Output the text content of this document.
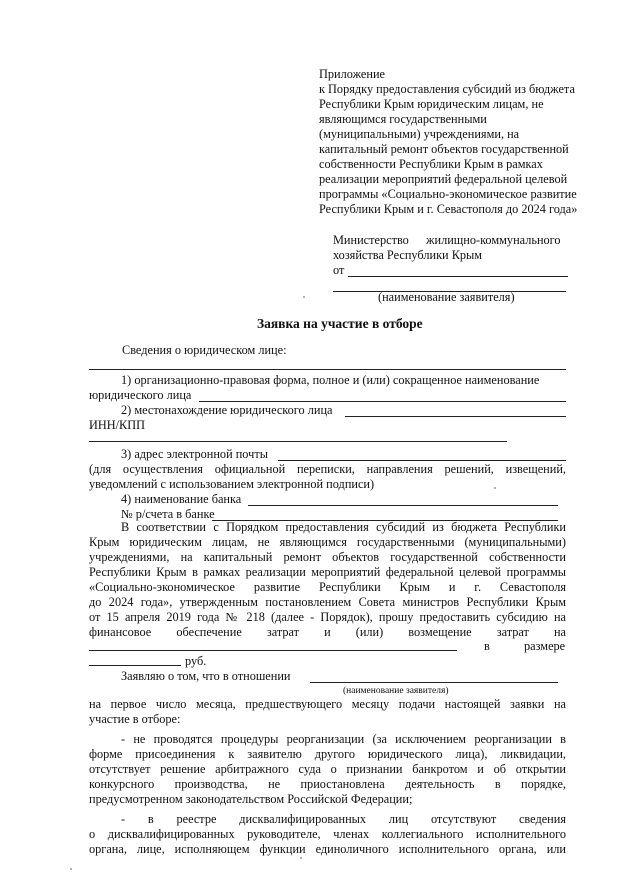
Приложение
к Порядку предоставления субсидий из бюджета
Республики Крым юридическим лицам, не
являющимся государственными
(муниципальными) учреждениями, на
капитальный ремонт объектов государственной
собственности Республики Крым в рамках
реализации мероприятий федеральной целевой
программы «Социально-экономическое развитие
Республики Крым и г. Севастополя до 2024 года»
Министерство жилищно-коммунального
хозяйства Республики Крым
от
(наименование заявителя)
Заявка на участие в отборе
Сведения о юридическом лице:
1) организационно-правовая форма, полное и (или) сокращенное наименование
юридического лица
2) местонахождение юридического лица
ИНН/КПП
3) адрес электронной почты
(для осуществления официальной переписки, направления решений, извещений,
уведомлений с использованием электронной подписи)
4) наименование банка
№ р/счета в банке
В соответствии с Порядком предоставления субсидий из бюджета Республики
Крым юридическим лицам, не являющимся государственными (муниципальными)
учреждениями, на капитальный ремонт объектов государственной собственности
Республики Крым в рамках реализации мероприятий федеральной целевой программы
«Социально-экономическое развитие Республики Крым и г. Севастополя
до 2024 года», утвержденным постановлением Совета министров Республики Крым
от 15 апреля 2019 года № 218 (далее - Порядок), прошу предоставить субсидию на
финансовое обеспечение затрат и (или) возмещение затрат на
в	размере
руб.
Заявляю о том, что в отношении
(наименование заявителя)
на первое число месяца, предшествующего месяцу подачи настоящей заявки на
участие в отборе:
- не проводятся процедуры реорганизации (за исключением реорганизации в
форме присоединения к заявителю другого юридического лица), ликвидации,
отсутствует решение арбитражного суда о признании банкротом и об открытии
конкурсного производства, не приостановлена деятельность в порядке,
предусмотренном законодательством Российской Федерации;
- в реестре дисквалифицированных лиц отсутствуют сведения
о дисквалифицированных руководителе, членах коллегиального исполнительного
органа, лице, исполняющем функции единоличного исполнительного органа, или
